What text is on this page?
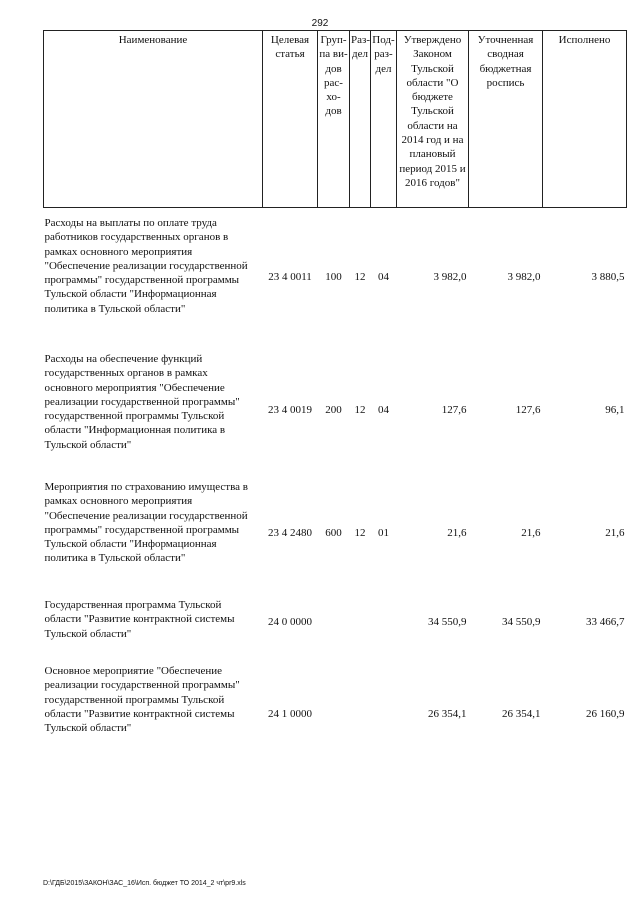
292
Наименование	Целевая статья	Груп-па ви-дов рас-хо-дов	Раз-дел	Под-раз-дел	Утверждено Законом Тульской области "О бюджете Тульской области на 2014 год и на плановый период 2015 и 2016 годов"	Уточненная сводная бюджетная роспись	Исполнено
Расходы на выплаты по оплате труда работников государственных органов в рамках основного мероприятия "Обеспечение реализации государственной программы" государственной программы Тульской области "Информационная политика в Тульской области"	23 4 0011	100	12	04	3 982,0	3 982,0	3 880,5
Расходы на обеспечение функций государственных органов в рамках основного мероприятия "Обеспечение реализации государственной программы" государственной программы Тульской области "Информационная политика в Тульской области"	23 4 0019	200	12	04	127,6	127,6	96,1
Мероприятия по страхованию имущества в рамках основного мероприятия "Обеспечение реализации государственной программы" государственной программы Тульской области "Информационная политика в Тульской области"	23 4 2480	600	12	01	21,6	21,6	21,6
Государственная программа Тульской области "Развитие контрактной системы Тульской области"	24 0 0000				34 550,9	34 550,9	33 466,7
Основное мероприятие "Обеспечение реализации государственной программы" государственной программы Тульской области "Развитие контрактной системы Тульской области"	24 1 0000				26 354,1	26 354,1	26 160,9
D:\ГДБ\2015\ЗАКОН\ЗАС_16\Исп. бюджет ТО 2014_2 чт\рr9.xls
